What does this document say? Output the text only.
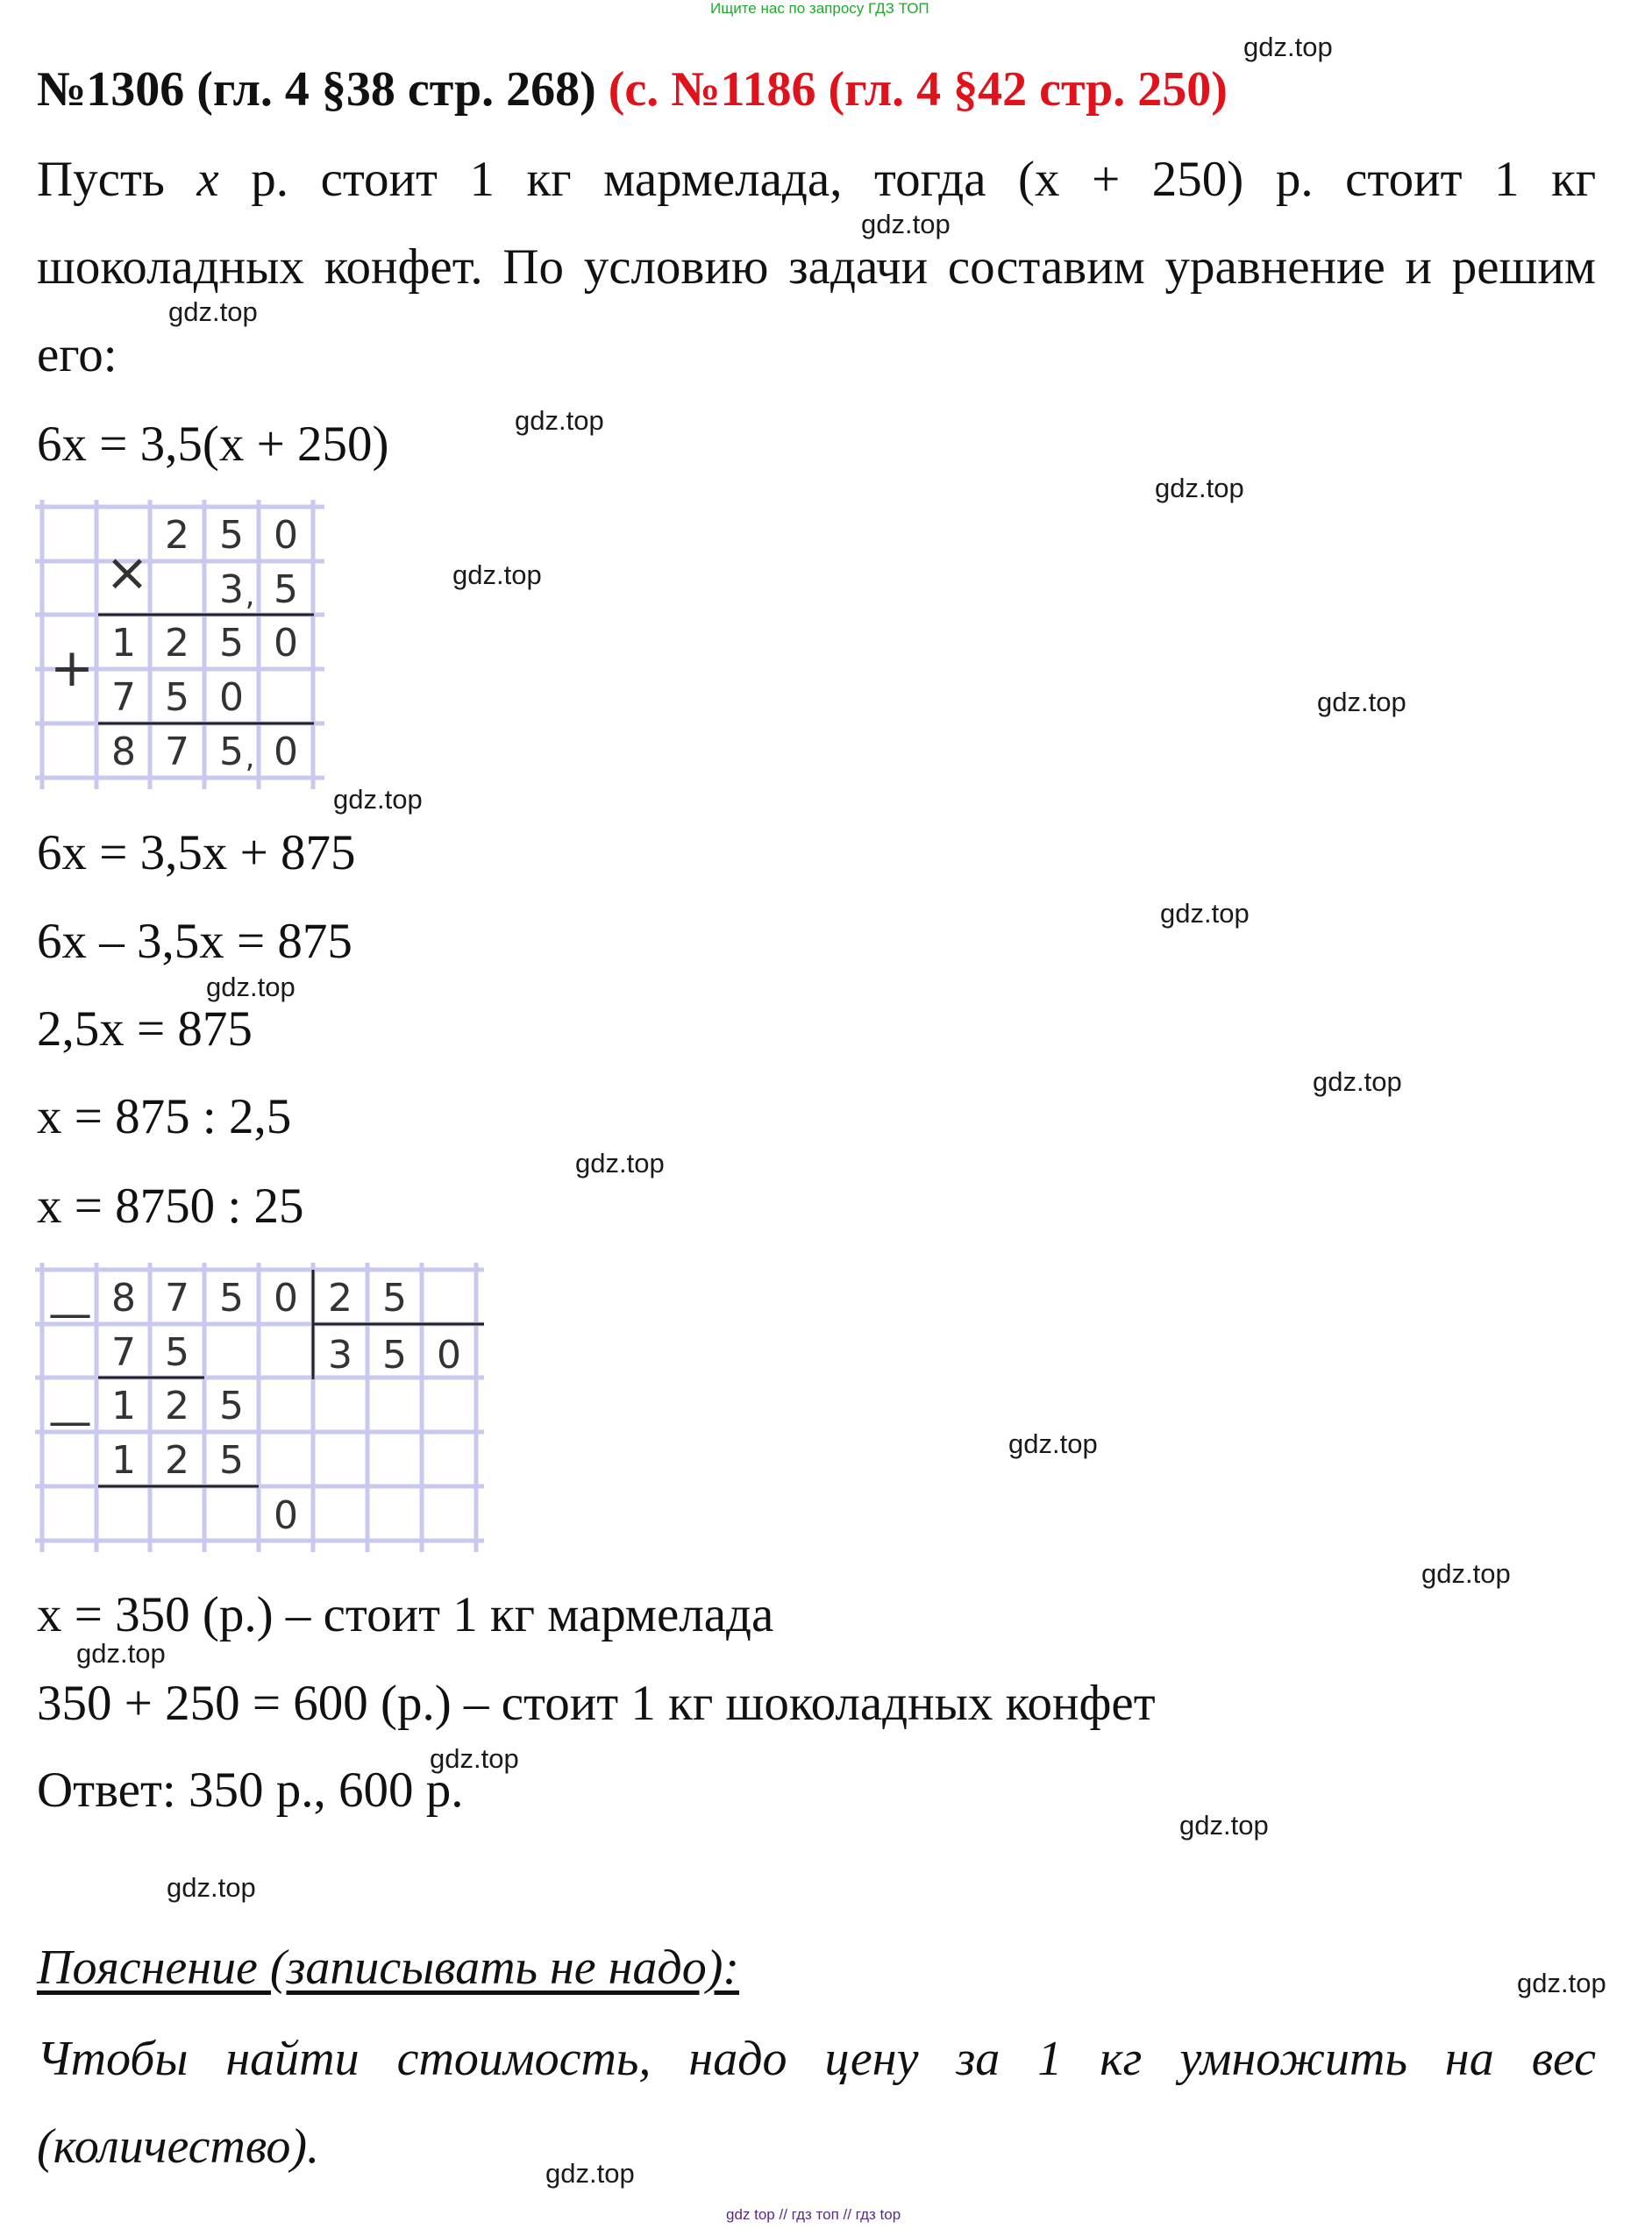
Ищите нас по запросу ГДЗ ТОП
№1306 (гл. 4 §38 стр. 268) (с. №1186 (гл. 4 §42 стр. 250)
Пусть x р. стоит 1 кг мармелада, тогда (x + 250) р. стоит 1 кг
шоколадных конфет. По условию задачи составим уравнение и решим
его:
6x = 3,5(x + 250)
×
+
2 5 0
3 , 5
1 2 5 0
7 5 0
8 7 5 , 0
6x = 3,5x + 875
6x – 3,5x = 875
2,5x = 875
x = 875 : 2,5
x = 8750 : 25
—
—
8 7 5 0 2 5
7 5	3 5 0
1 2 5
1 2 5
0
x = 350 (р.) – стоит 1 кг мармелада
350 + 250 = 600 (р.) – стоит 1 кг шоколадных конфет
Ответ: 350 р., 600 р.
Пояснение (записывать не надо):
Чтобы найти стоимость, надо цену за 1 кг умножить на вес
(количество).
gdz.top
gdz.top
gdz.top
gdz.top
gdz.top
gdz.top
gdz.top
gdz.top
gdz.top
gdz.top
gdz.top
gdz.top
gdz.top
gdz.top
gdz.top
gdz.top
gdz.top
gdz.top
gdz.top
gdz.top
gdz top // гдз топ // гдз top
